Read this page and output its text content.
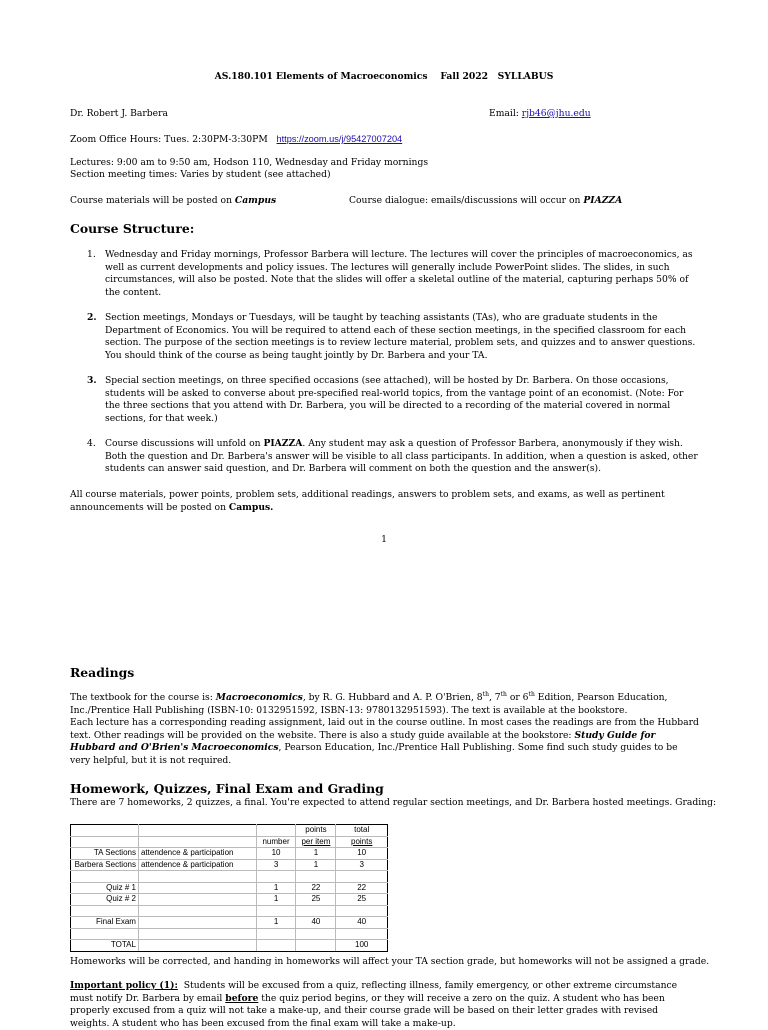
AS.180.101 Elements of Macroeconomics    Fall 2022   SYLLABUS
Dr. Robert J. Barbera	Email: rjb46@jhu.edu
Zoom Office Hours: Tues. 2:30PM-3:30PM https://zoom.us/j/95427007204
Lectures: 9:00 am to 9:50 am, Hodson 110, Wednesday and Friday mornings
Section meeting times: Varies by student (see attached)
Course materials will be posted on Campus	Course dialogue: emails/discussions will occur on PIAZZA
Course Structure:
1. Wednesday and Friday mornings, Professor Barbera will lecture. The lectures will cover the principles of macroeconomics, as well as current developments and policy issues. The lectures will generally include PowerPoint slides. The slides, in such circumstances, will also be posted. Note that the slides will offer a skeletal outline of the material, capturing perhaps 50% of the content.
2. Section meetings, Mondays or Tuesdays, will be taught by teaching assistants (TAs), who are graduate students in the Department of Economics. You will be required to attend each of these section meetings, in the specified classroom for each section. The purpose of the section meetings is to review lecture material, problem sets, and quizzes and to answer questions. You should think of the course as being taught jointly by Dr. Barbera and your TA.
3. Special section meetings, on three specified occasions (see attached), will be hosted by Dr. Barbera. On those occasions, students will be asked to converse about pre-specified real-world topics, from the vantage point of an economist. (Note: For the three sections that you attend with Dr. Barbera, you will be directed to a recording of the material covered in normal sections, for that week.)
4. Course discussions will unfold on PIAZZA. Any student may ask a question of Professor Barbera, anonymously if they wish. Both the question and Dr. Barbera's answer will be visible to all class participants. In addition, when a question is asked, other students can answer said question, and Dr. Barbera will comment on both the question and the answer(s).
All course materials, power points, problem sets, additional readings, answers to problem sets, and exams, as well as pertinent announcements will be posted on Campus.
1
Readings
The textbook for the course is: Macroeconomics, by R. G. Hubbard and A. P. O'Brien, 8th, 7th or 6th Edition, Pearson Education, Inc./Prentice Hall Publishing (ISBN-10: 0132951592, ISBN-13: 9780132951593). The text is available at the bookstore.
Each lecture has a corresponding reading assignment, laid out in the course outline. In most cases the readings are from the Hubbard text. Other readings will be provided on the website. There is also a study guide available at the bookstore: Study Guide for Hubbard and O'Brien's Macroeconomics, Pearson Education, Inc./Prentice Hall Publishing. Some find such study guides to be very helpful, but it is not required.
Homework, Quizzes, Final Exam and Grading
There are 7 homeworks, 2 quizzes, a final. You're expected to attend regular section meetings, and Dr. Barbera hosted meetings. Grading:
			points	total
		number	per item	points
TA Sections	attendence & participation	10	1	10
Barbera Sections	attendence & participation	3	1	3

Quiz # 1		1	22	22
Quiz # 2		1	25	25

Final Exam		1	40	40

TOTAL				100
Homeworks will be corrected, and handing in homeworks will affect your TA section grade, but homeworks will not be assigned a grade.
Important policy (1):  Students will be excused from a quiz, reflecting illness, family emergency, or other extreme circumstance must notify Dr. Barbera by email before the quiz period begins, or they will receive a zero on the quiz. A student who has been properly excused from a quiz will not take a make-up, and their course grade will be based on their letter grades with revised weights. A student who has been excused from the final exam will take a make-up.
